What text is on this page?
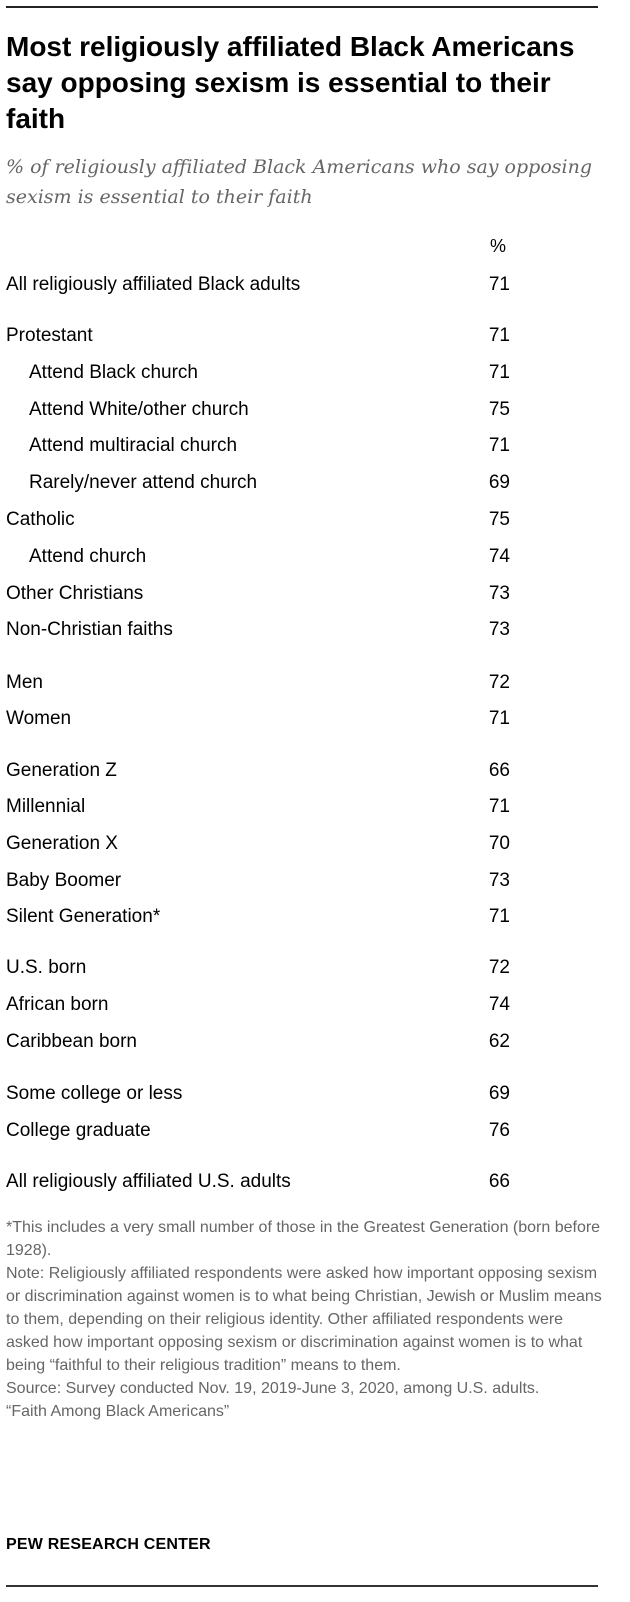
Most religiously affiliated Black Americans say opposing sexism is essential to their faith
% of religiously affiliated Black Americans who say opposing sexism is essential to their faith
%
All religiously affiliated Black adults	71
Protestant	71
Attend Black church	71
Attend White/other church	75
Attend multiracial church	71
Rarely/never attend church	69
Catholic	75
Attend church	74
Other Christians	73
Non-Christian faiths	73
Men	72
Women	71
Generation Z	66
Millennial	71
Generation X	70
Baby Boomer	73
Silent Generation*	71
U.S. born	72
African born	74
Caribbean born	62
Some college or less	69
College graduate	76
All religiously affiliated U.S. adults	66
*This includes a very small number of those in the Greatest Generation (born before 1928).
Note: Religiously affiliated respondents were asked how important opposing sexism or discrimination against women is to what being Christian, Jewish or Muslim means to them, depending on their religious identity. Other affiliated respondents were asked how important opposing sexism or discrimination against women is to what being “faithful to their religious tradition” means to them.
Source: Survey conducted Nov. 19, 2019-June 3, 2020, among U.S. adults.
“Faith Among Black Americans”
PEW RESEARCH CENTER
